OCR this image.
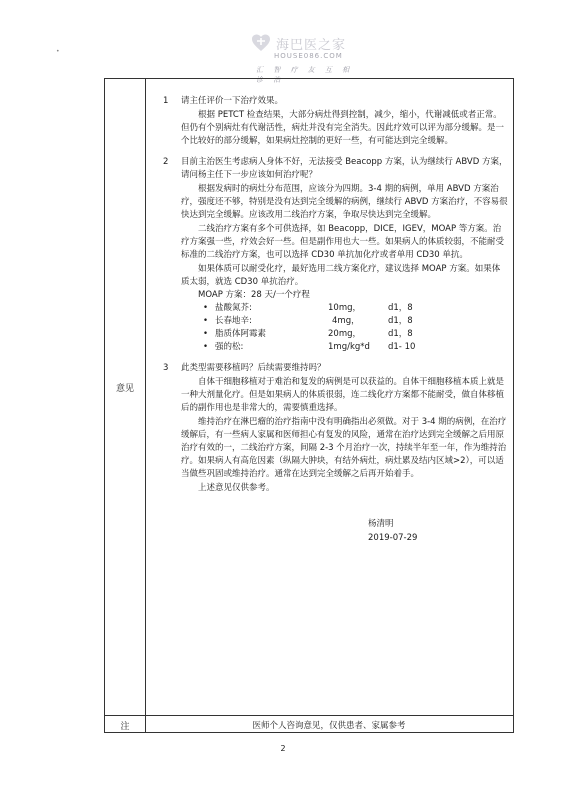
海巴医之家
HOUSE086.COM
汇 智 疗 友 互 相 诊 治
•
意见
注	医师个人咨询意见，仅供患者、家属参考
1 请主任评价一下治疗效果。

根据 PETCT 检查结果，大部分病灶得到控制，减少，缩小，代谢减低或者正常。但仍有个别病灶有代谢活性，病灶并没有完全消失。因此疗效可以评为部分缓解。是一个比较好的部分缓解，如果病灶控制的更好一些，有可能达到完全缓解。

2 目前主治医生考虑病人身体不好，无法接受 Beacopp 方案，认为继续行 ABVD 方案，请问杨主任下一步应该如何治疗呢？

根据发病时的病灶分布范围，应该分为四期。3-4 期的病例，单用 ABVD 方案治疗，强度还不够，特别是没有达到完全缓解的病例，继续行 ABVD 方案治疗，不容易很快达到完全缓解。应该改用二线治疗方案，争取尽快达到完全缓解。

二线治疗方案有多个可供选择，如 Beacopp，DICE，IGEV，MOAP 等方案。治疗方案强一些，疗效会好一些。但是副作用也大一些。如果病人的体质较弱，不能耐受标准的二线治疗方案，也可以选择 CD30 单抗加化疗或者单用 CD30 单抗。

如果体质可以耐受化疗，最好选用二线方案化疗，建议选择 MOAP 方案。如果体质太弱，就选 CD30 单抗治疗。

MOAP 方案：28 天/一个疗程
• 盐酸氮芥:	10mg，	d1，8
• 长春地辛:	4mg，	d1，8
• 脂质体阿霉素	20mg，	d1，8
• 强的松:	1mg/kg*d d1- 10
3 此类型需要移植吗？后续需要维持吗？

自体干细胞移植对于难治和复发的病例是可以获益的。自体干细胞移植本质上就是一种大剂量化疗。但是如果病人的体质很弱，连二线化疗方案都不能耐受，做自体移植后的副作用也是非常大的，需要慎重选择。

维持治疗在淋巴瘤的治疗指南中没有明确指出必须做。对于 3-4 期的病例，在治疗缓解后，有一些病人家属和医师担心有复发的风险，通常在治疗达到完全缓解之后用原治疗有效的一，二线治疗方案，间隔 2-3 个月治疗一次，持续半年至一年，作为维持治疗。如果病人有高危因素（纵隔大肿块，有结外病灶，病灶累及结内区域>2），可以适当做些巩固或维持治疗。通常在达到完全缓解之后再开始着手。

上述意见仅供参考。

杨清明
2019-07-29
2
